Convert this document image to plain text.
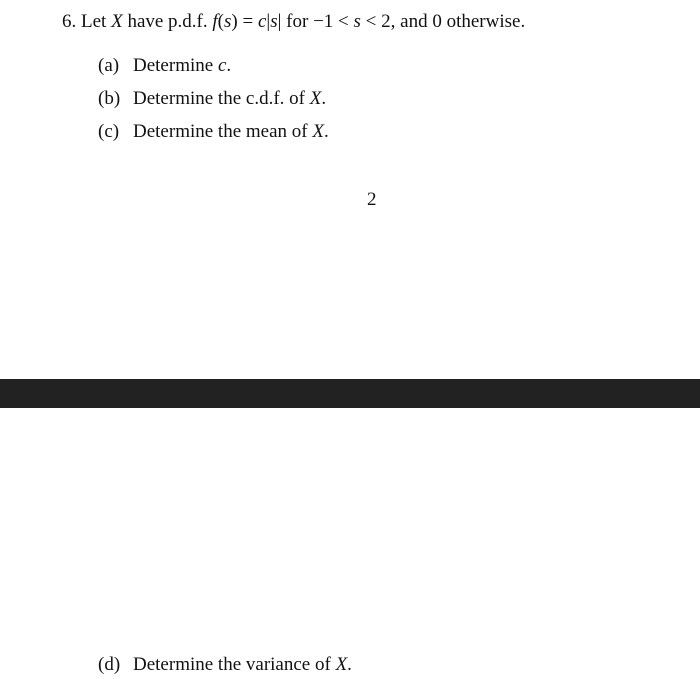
6. Let X have p.d.f. f(s) = c|s| for −1 < s < 2, and 0 otherwise.
(a) Determine c.
(b) Determine the c.d.f. of X.
(c) Determine the mean of X.
2
(d) Determine the variance of X.
